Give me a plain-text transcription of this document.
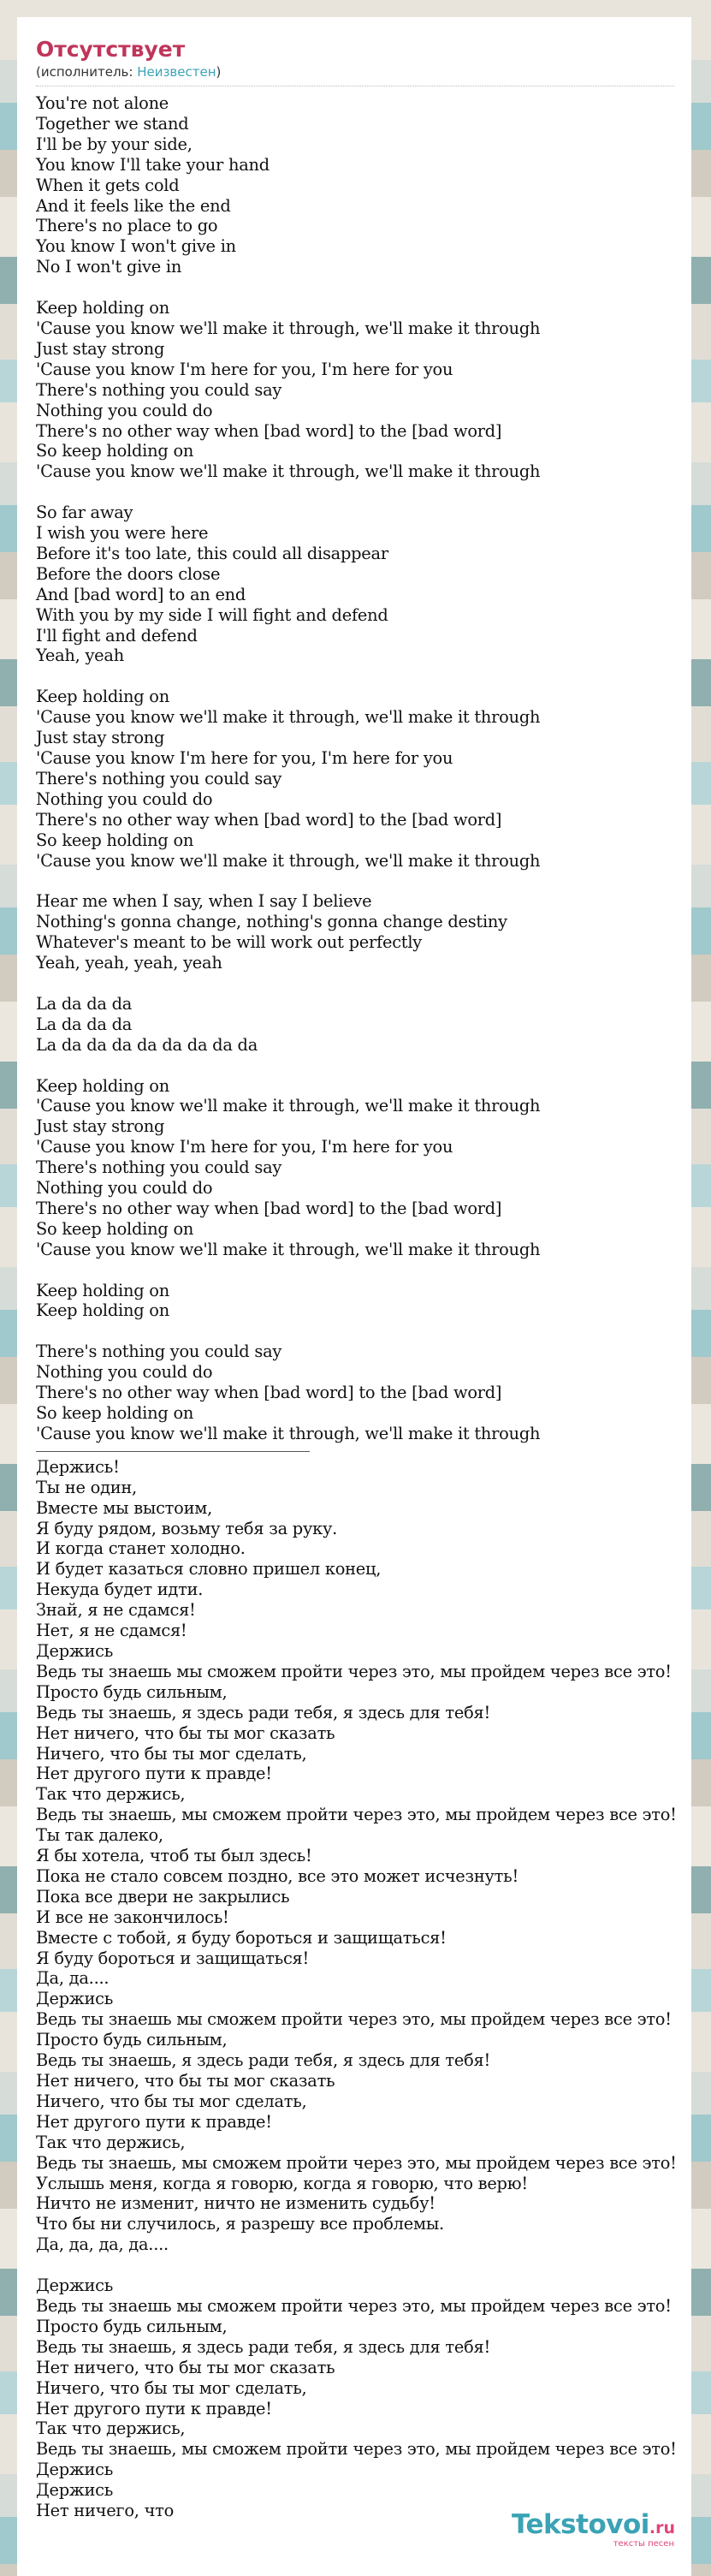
Отсутствует
(исполнитель: Неизвестен)
You're not alone
Together we stand
I'll be by your side,
You know I'll take your hand
When it gets cold
And it feels like the end
There's no place to go
You know I won't give in
No I won't give in

Keep holding on
'Cause you know we'll make it through, we'll make it through
Just stay strong
'Cause you know I'm here for you, I'm here for you
There's nothing you could say
Nothing you could do
There's no other way when [bad word] to the [bad word]
So keep holding on
'Cause you know we'll make it through, we'll make it through

So far away
I wish you were here
Before it's too late, this could all disappear
Before the doors close
And [bad word] to an end
With you by my side I will fight and defend
I'll fight and defend
Yeah, yeah

Keep holding on
'Cause you know we'll make it through, we'll make it through
Just stay strong
'Cause you know I'm here for you, I'm here for you
There's nothing you could say
Nothing you could do
There's no other way when [bad word] to the [bad word]
So keep holding on
'Cause you know we'll make it through, we'll make it through

Hear me when I say, when I say I believe
Nothing's gonna change, nothing's gonna change destiny
Whatever's meant to be will work out perfectly
Yeah, yeah, yeah, yeah

La da da da
La da da da
La da da da da da da da da

Keep holding on
'Cause you know we'll make it through, we'll make it through
Just stay strong
'Cause you know I'm here for you, I'm here for you
There's nothing you could say
Nothing you could do
There's no other way when [bad word] to the [bad word]
So keep holding on
'Cause you know we'll make it through, we'll make it through

Keep holding on
Keep holding on

There's nothing you could say
Nothing you could do
There's no other way when [bad word] to the [bad word]
So keep holding on
'Cause you know we'll make it through, we'll make it through
Держись!
Ты не один,
Вместе мы выстоим,
Я буду рядом, возьму тебя за руку.
И когда станет холодно.
И будет казаться словно пришел конец,
Некуда будет идти.
Знай, я не сдамся!
Нет, я не сдамся!
Держись
Ведь ты знаешь мы сможем пройти через это, мы пройдем через все это!
Просто будь сильным,
Ведь ты знаешь, я здесь ради тебя, я здесь для тебя!
Нет ничего, что бы ты мог сказать
Ничего, что бы ты мог сделать,
Нет другого пути к правде!
Так что держись,
Ведь ты знаешь, мы сможем пройти через это, мы пройдем через все это!
Ты так далеко,
Я бы хотела, чтоб ты был здесь!
Пока не стало совсем поздно, все это может исчезнуть!
Пока все двери не закрылись
И все не закончилось!
Вместе с тобой, я буду бороться и защищаться!
Я буду бороться и защищаться!
Да, да....
Держись
Ведь ты знаешь мы сможем пройти через это, мы пройдем через все это!
Просто будь сильным,
Ведь ты знаешь, я здесь ради тебя, я здесь для тебя!
Нет ничего, что бы ты мог сказать
Ничего, что бы ты мог сделать,
Нет другого пути к правде!
Так что держись,
Ведь ты знаешь, мы сможем пройти через это, мы пройдем через все это!
Услышь меня, когда я говорю, когда я говорю, что верю!
Ничто не изменит, ничто не изменить судьбу!
Что бы ни случилось, я разрешу все проблемы.
Да, да, да, да....

Держись
Ведь ты знаешь мы сможем пройти через это, мы пройдем через все это!
Просто будь сильным,
Ведь ты знаешь, я здесь ради тебя, я здесь для тебя!
Нет ничего, что бы ты мог сказать
Ничего, что бы ты мог сделать,
Нет другого пути к правде!
Так что держись,
Ведь ты знаешь, мы сможем пройти через это, мы пройдем через все это!
Держись
Держись
Нет ничего, что	Tekstovoi.ru
тексты песен
